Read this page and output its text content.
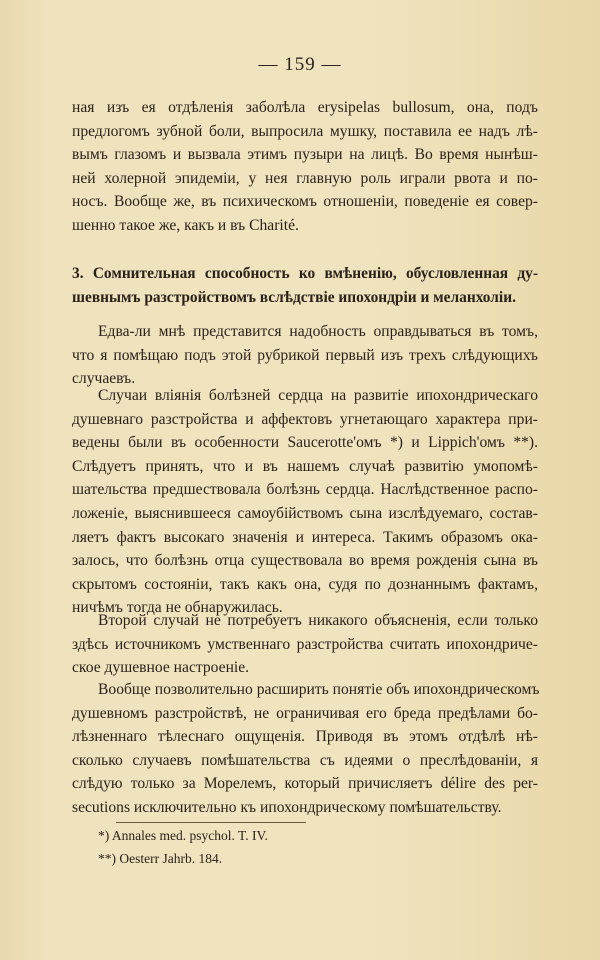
— 159 —
ная изъ ея отдѣленія заболѣла erysipelas bullosum, она, подъ
предлогомъ зубной боли, выпросила мушку, поставила ее надъ лѣ-
вымъ глазомъ и вызвала этимъ пузыри на лицѣ. Во время нынѣш-
ней холерной эпидеміи, у нея главную роль играли рвота и по-
носъ. Вообще же, въ психическомъ отношеніи, поведеніе ея совер-
шенно такое же, какъ и въ Charité.
3. Сомнительная способность ко вмѣненію, обусловленная ду-
шевнымъ разстройствомъ вслѣдствіе ипохондріи и меланхоліи.
Едва-ли мнѣ представится надобность оправдываться въ томъ,
что я помѣщаю подъ этой рубрикой первый изъ трехъ слѣдующихъ
случаевъ.
Случаи вліянія болѣзней сердца на развитіе ипохондрическаго
душевнаго разстройства и аффектовъ угнетающаго характера при-
ведены были въ особенности Saucerotte'омъ *) и Lippich'омъ **).
Слѣдуетъ принять, что и въ нашемъ случаѣ развитію умопомѣ-
шательства предшествовала болѣзнь сердца. Наслѣдственное распо-
ложеніе, выяснившееся самоубійствомъ сына изслѣдуемаго, состав-
ляетъ фактъ высокаго значенія и интереса. Такимъ образомъ ока-
залось, что болѣзнь отца существовала во время рожденія сына въ
скрытомъ состояніи, такъ какъ она, судя по дознаннымъ фактамъ,
ничѣмъ тогда не обнаружилась.
Второй случай не потребуетъ никакого объясненія, если только
здѣсь источникомъ умственнаго разстройства считать ипохондриче-
ское душевное настроеніе.
Вообще позволительно расширить понятіе объ ипохондрическомъ
душевномъ разстройствѣ, не ограничивая его бреда предѣлами бо-
лѣзненнаго тѣлеснаго ощущенія. Приводя въ этомъ отдѣлѣ нѣ-
сколько случаевъ помѣшательства съ идеями о преслѣдованіи, я
слѣдую только за Морелемъ, который причисляетъ délire des per-
secutions исключительно къ ипохондрическому помѣшательству.
*) Annales med. psychol. T. IV.
**) Oesterr Jahrb. 184.
